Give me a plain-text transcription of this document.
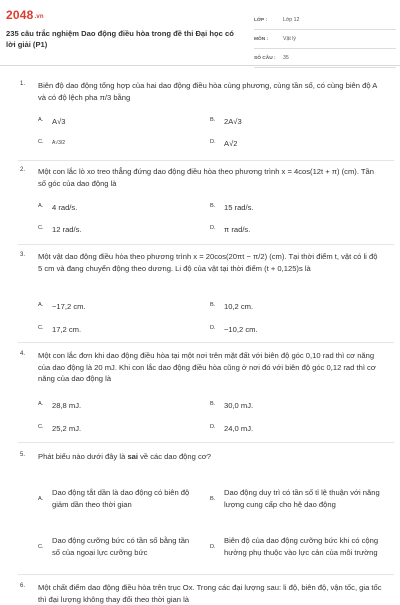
2048.vn
235 câu trắc nghiệm Dao động điều hòa trong đề thi Đại học có lời giải (P1)
LỚP :	Lớp 12
MÔN :	Vật lý
SỐ CÂU :	35
1. Biên độ dao động tổng hợp của hai dao động điều hòa cùng phương, cùng tần số, có cùng biên độ A và có độ lệch pha π/3 bằng
A.	A√3	B.	2A√3
C.	A√3/2	D.	A√2
2. Một con lắc lò xo treo thẳng đứng dao động điều hòa theo phương trình x = 4cos(12t + π) (cm). Tần số góc của dao động là
A.	4 rad/s.	B.	15 rad/s.
C.	12 rad/s.	D.	π rad/s.
3. Một vật dao động điều hòa theo phương trình x = 20cos(20πt − π/2) (cm). Tại thời điểm t, vật có li độ 5 cm và đang chuyển động theo dương. Li độ của vật tại thời điểm (t + 0,125)s là
A.	−17,2 cm.	B.	10,2 cm.
C.	17,2 cm.	D.	−10,2 cm.
4. Một con lắc đơn khi dao động điều hòa tại một nơi trên mặt đất với biên độ góc 0,10 rad thì cơ năng của dao động là 20 mJ. Khi con lắc dao động điều hòa cũng ở nơi đó với biên độ góc 0,12 rad thì cơ năng của dao động là
A.	28,8 mJ.	B.	30,0 mJ.
C.	25,2 mJ.	D.	24,0 mJ.
5. Phát biểu nào dưới đây là sai về các dao động cơ?
A.
Dao động tắt dần là dao động có biên độ giảm dần theo thời gian
B.
Dao động duy trì có tần số tỉ lệ thuận với năng lượng cung cấp cho hệ dao động
C.
Dao động cưỡng bức có tần số bằng tần số của ngoại lực cưỡng bức
D.
Biên độ của dao động cưỡng bức khi có cộng hưởng phụ thuộc vào lực cản của môi trường
6. Một chất điểm dao động điều hòa trên trục Ox. Trong các đại lượng sau: li độ, biên độ, vận tốc, gia tốc thì đại lượng không thay đổi theo thời gian là
